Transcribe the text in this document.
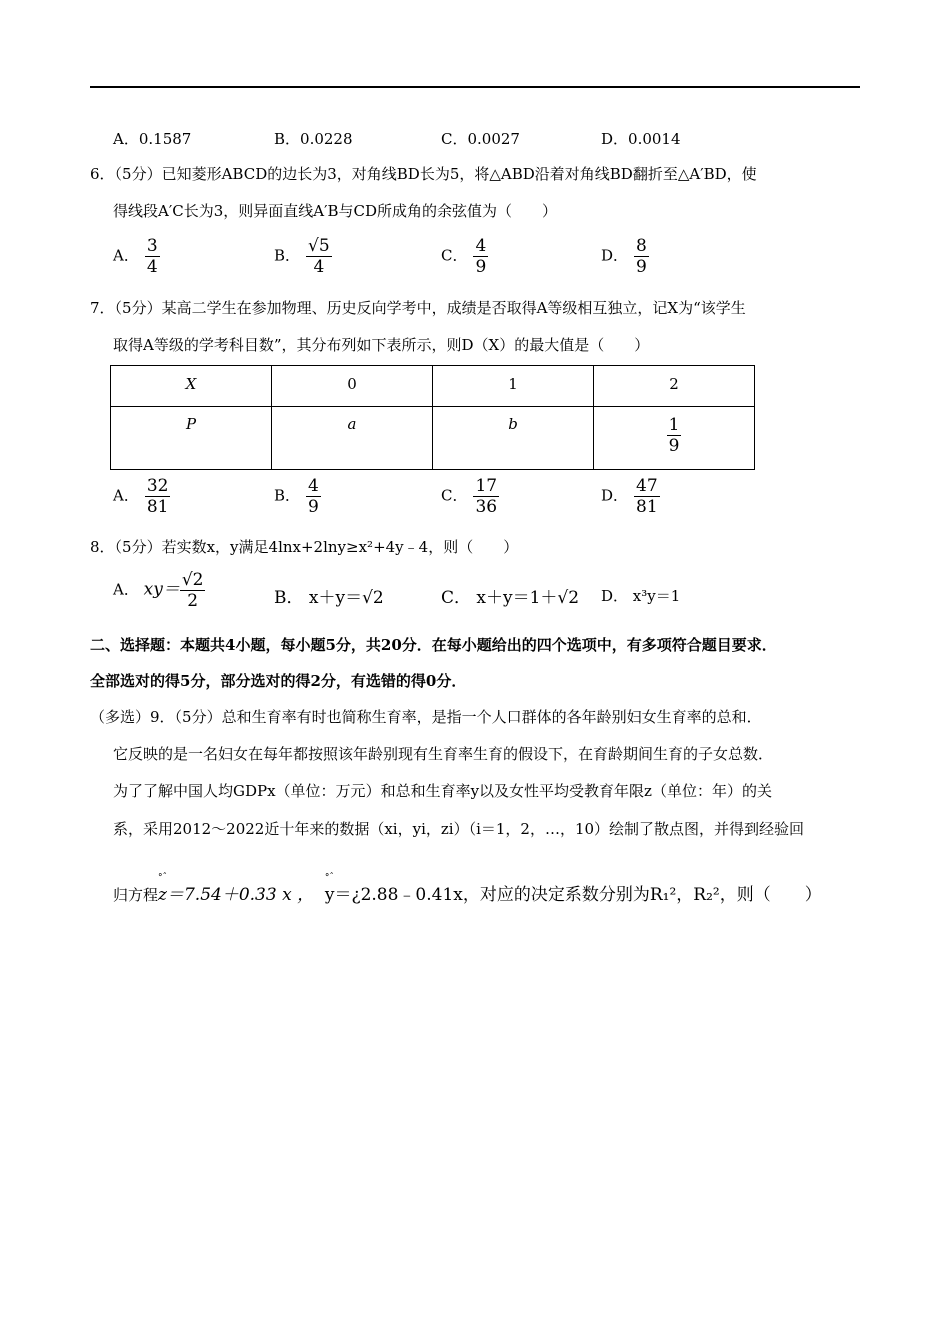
A．0.1587	B．0.0228	C．0.0027	D．0.0014
6．（5分）已知菱形ABCD的边长为3，对角线BD长为5，将△ABD沿着对角线BD翻折至△A′BD，使
得线段A′C长为3，则异面直线A′B与CD所成角的余弦值为（　　）
A． $\frac{3}{4}$	B． $\frac{√5}{4}$	C． $\frac{4}{9}$	D． $\frac{8}{9}$
7．（5分）某高二学生在参加物理、历史反向学考中，成绩是否取得A等级相互独立，记X为“该学生
取得A等级的学考科目数”，其分布列如下表所示，则D（X）的最大值是（　　）
X	0	1	2
P	a	b	$\frac{1}{9}$
A． $\frac{32}{81}$	B． $\frac{4}{9}$	C． $\frac{17}{36}$	D． $\frac{47}{81}$
8．（5分）若实数x，y满足4lnx+2lny≥x²+4y﹣4，则（　　）
A． $xy= \frac{√2}{2}$	B． x＋y＝√2	C． x＋y＝1＋√2 D． x³y＝1
二、选择题：本题共4小题，每小题5分，共20分．在每小题给出的四个选项中，有多项符合题目要求．
全部选对的得5分，部分选对的得2分，有选错的得0分．
（多选）9．（5分）总和生育率有时也简称生育率，是指一个人口群体的各年龄别妇女生育率的总和．
它反映的是一名妇女在每年都按照该年龄别现有生育率生育的假设下，在育龄期间生育的子女总数．
为了了解中国人均GDPx（单位：万元）和总和生育率y以及女性平均受教育年限z（单位：年）的关
系，采用2012～2022近十年来的数据（xi，yi，zi）（i＝1，2，…，10）绘制了散点图，并得到经验回
归方程
°ˆ
z＝7.54＋0.33 x ，
°ˆ
y＝¿2.88﹣0.41x，对应的决定系数分别为R₁²，R₂²，则（　　）
